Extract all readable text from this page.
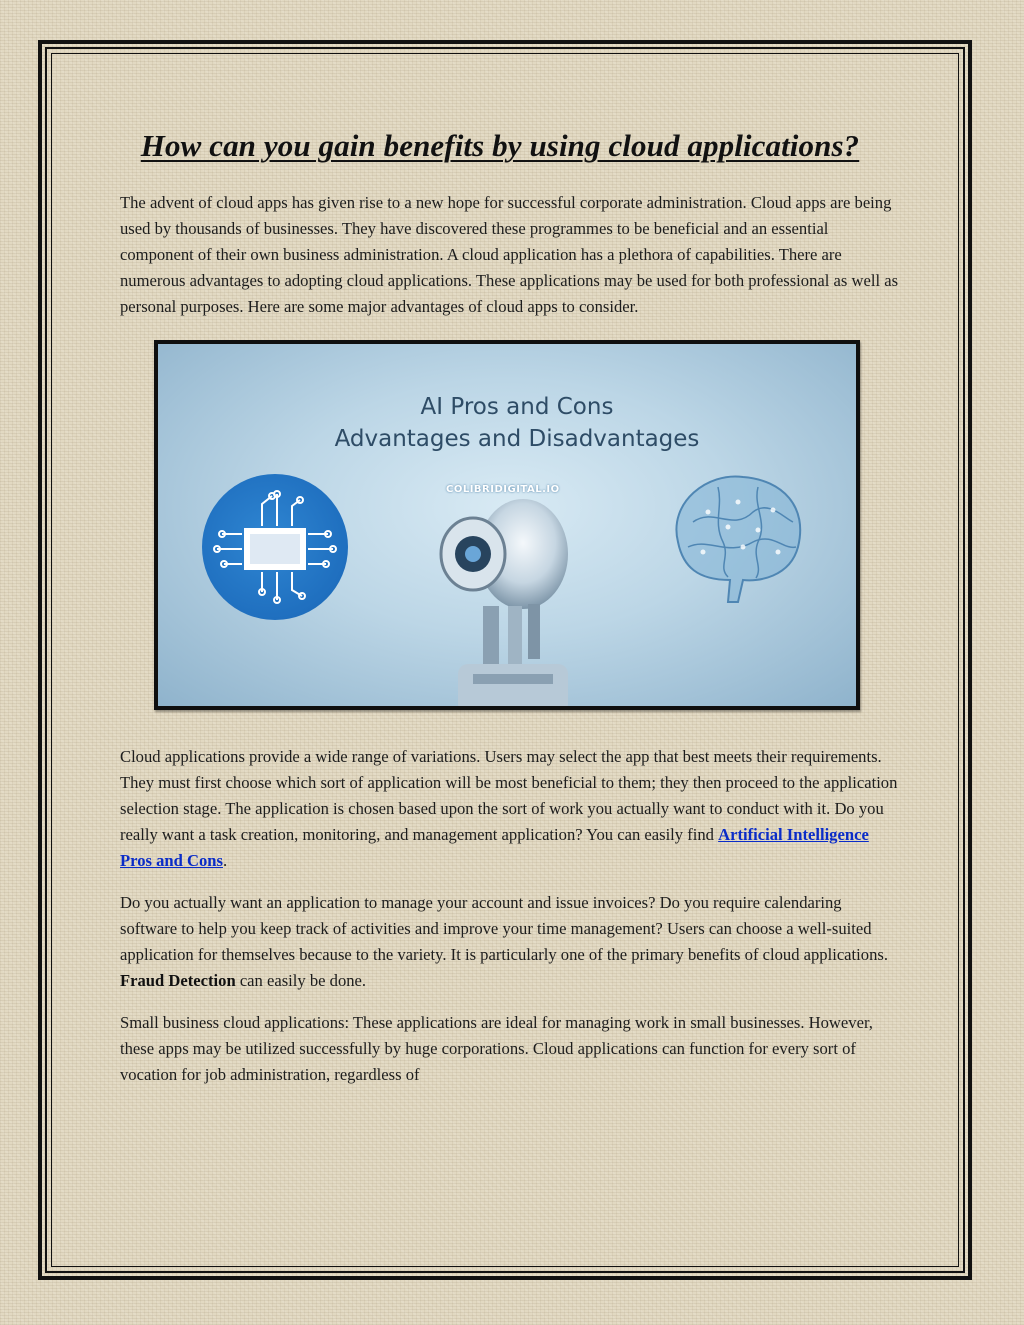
How can you gain benefits by using cloud applications?

The advent of cloud apps has given rise to a new hope for successful corporate administration. Cloud apps are being used by thousands of businesses. They have discovered these programmes to be beneficial and an essential component of their own business administration. A cloud application has a plethora of capabilities. There are numerous advantages to adopting cloud applications. These applications may be used for both professional as well as personal purposes. Here are some major advantages of cloud apps to consider.

AI Pros and Cons
Advantages and Disadvantages
COLIBRIDIGITAL.IO

Cloud applications provide a wide range of variations. Users may select the app that best meets their requirements. They must first choose which sort of application will be most beneficial to them; they then proceed to the application selection stage. The application is chosen based upon the sort of work you actually want to conduct with it. Do you really want a task creation, monitoring, and management application? You can easily find Artificial Intelligence Pros and Cons.

Do you actually want an application to manage your account and issue invoices? Do you require calendaring software to help you keep track of activities and improve your time management? Users can choose a well-suited application for themselves because to the variety. It is particularly one of the primary benefits of cloud applications. Fraud Detection can easily be done.

Small business cloud applications: These applications are ideal for managing work in small businesses. However, these apps may be utilized successfully by huge corporations. Cloud applications can function for every sort of vocation for job administration, regardless of
